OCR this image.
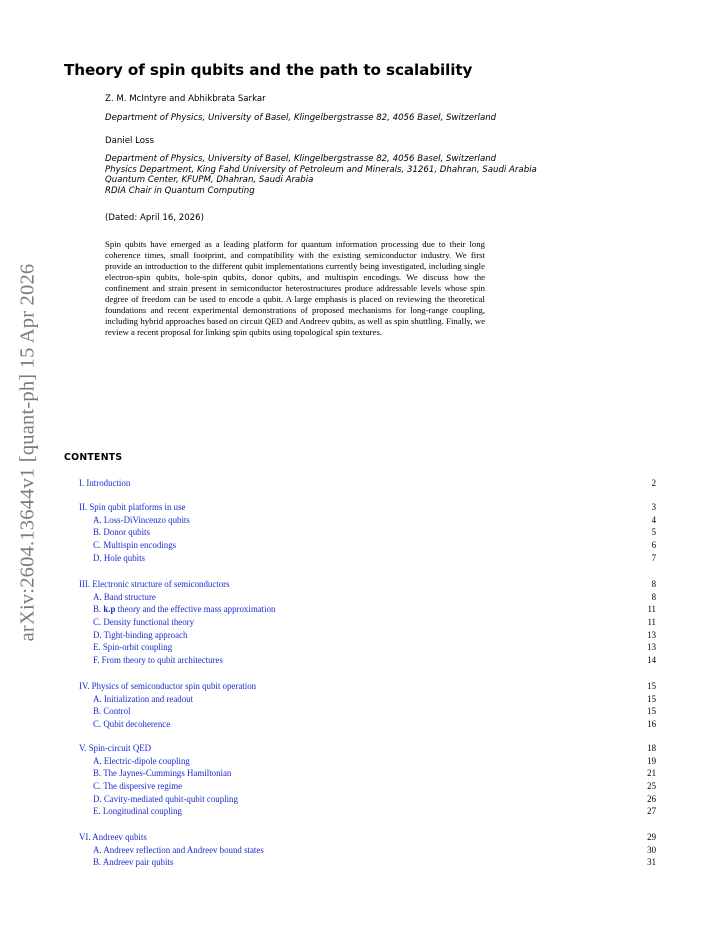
arXiv:2604.13644v1 [quant-ph] 15 Apr 2026
Theory of spin qubits and the path to scalability
Z. M. McIntyre and Abhikbrata Sarkar
Department of Physics, University of Basel, Klingelbergstrasse 82, 4056 Basel, Switzerland
Daniel Loss
Department of Physics, University of Basel, Klingelbergstrasse 82, 4056 Basel, Switzerland
Physics Department, King Fahd University of Petroleum and Minerals, 31261, Dhahran, Saudi Arabia
Quantum Center, KFUPM, Dhahran, Saudi Arabia
RDIA Chair in Quantum Computing
(Dated: April 16, 2026)

Spin qubits have emerged as a leading platform for quantum information processing due to their long coherence times, small footprint, and compatibility with the existing semiconductor industry. We first provide an introduction to the different qubit implementations currently being investigated, including single electron-spin qubits, hole-spin qubits, donor qubits, and multispin encodings. We discuss how the confinement and strain present in semiconductor heterostructures produce addressable levels whose spin degree of freedom can be used to encode a qubit. A large emphasis is placed on reviewing the theoretical foundations and recent experimental demonstrations of proposed mechanisms for long-range coupling, including hybrid approaches based on circuit QED and Andreev qubits, as well as spin shuttling. Finally, we review a recent proposal for linking spin qubits using topological spin textures.

CONTENTS
I. Introduction	2
II. Spin qubit platforms in use	3
A. Loss-DiVincenzo qubits	4
B. Donor qubits	5
C. Multispin encodings	6
D. Hole qubits	7
III. Electronic structure of semiconductors	8
A. Band structure	8
B. k.p theory and the effective mass approximation	11
C. Density functional theory	11
D. Tight-binding approach	13
E. Spin-orbit coupling	13
F. From theory to qubit architectures	14
IV. Physics of semiconductor spin qubit operation	15
A. Initialization and readout	15
B. Control	15
C. Qubit decoherence	16
V. Spin-circuit QED	18
A. Electric-dipole coupling	19
B. The Jaynes-Cummings Hamiltonian	21
C. The dispersive regime	25
D. Cavity-mediated qubit-qubit coupling	26
E. Longitudinal coupling	27
VI. Andreev qubits	29
A. Andreev reflection and Andreev bound states	30
B. Andreev pair qubits	31
